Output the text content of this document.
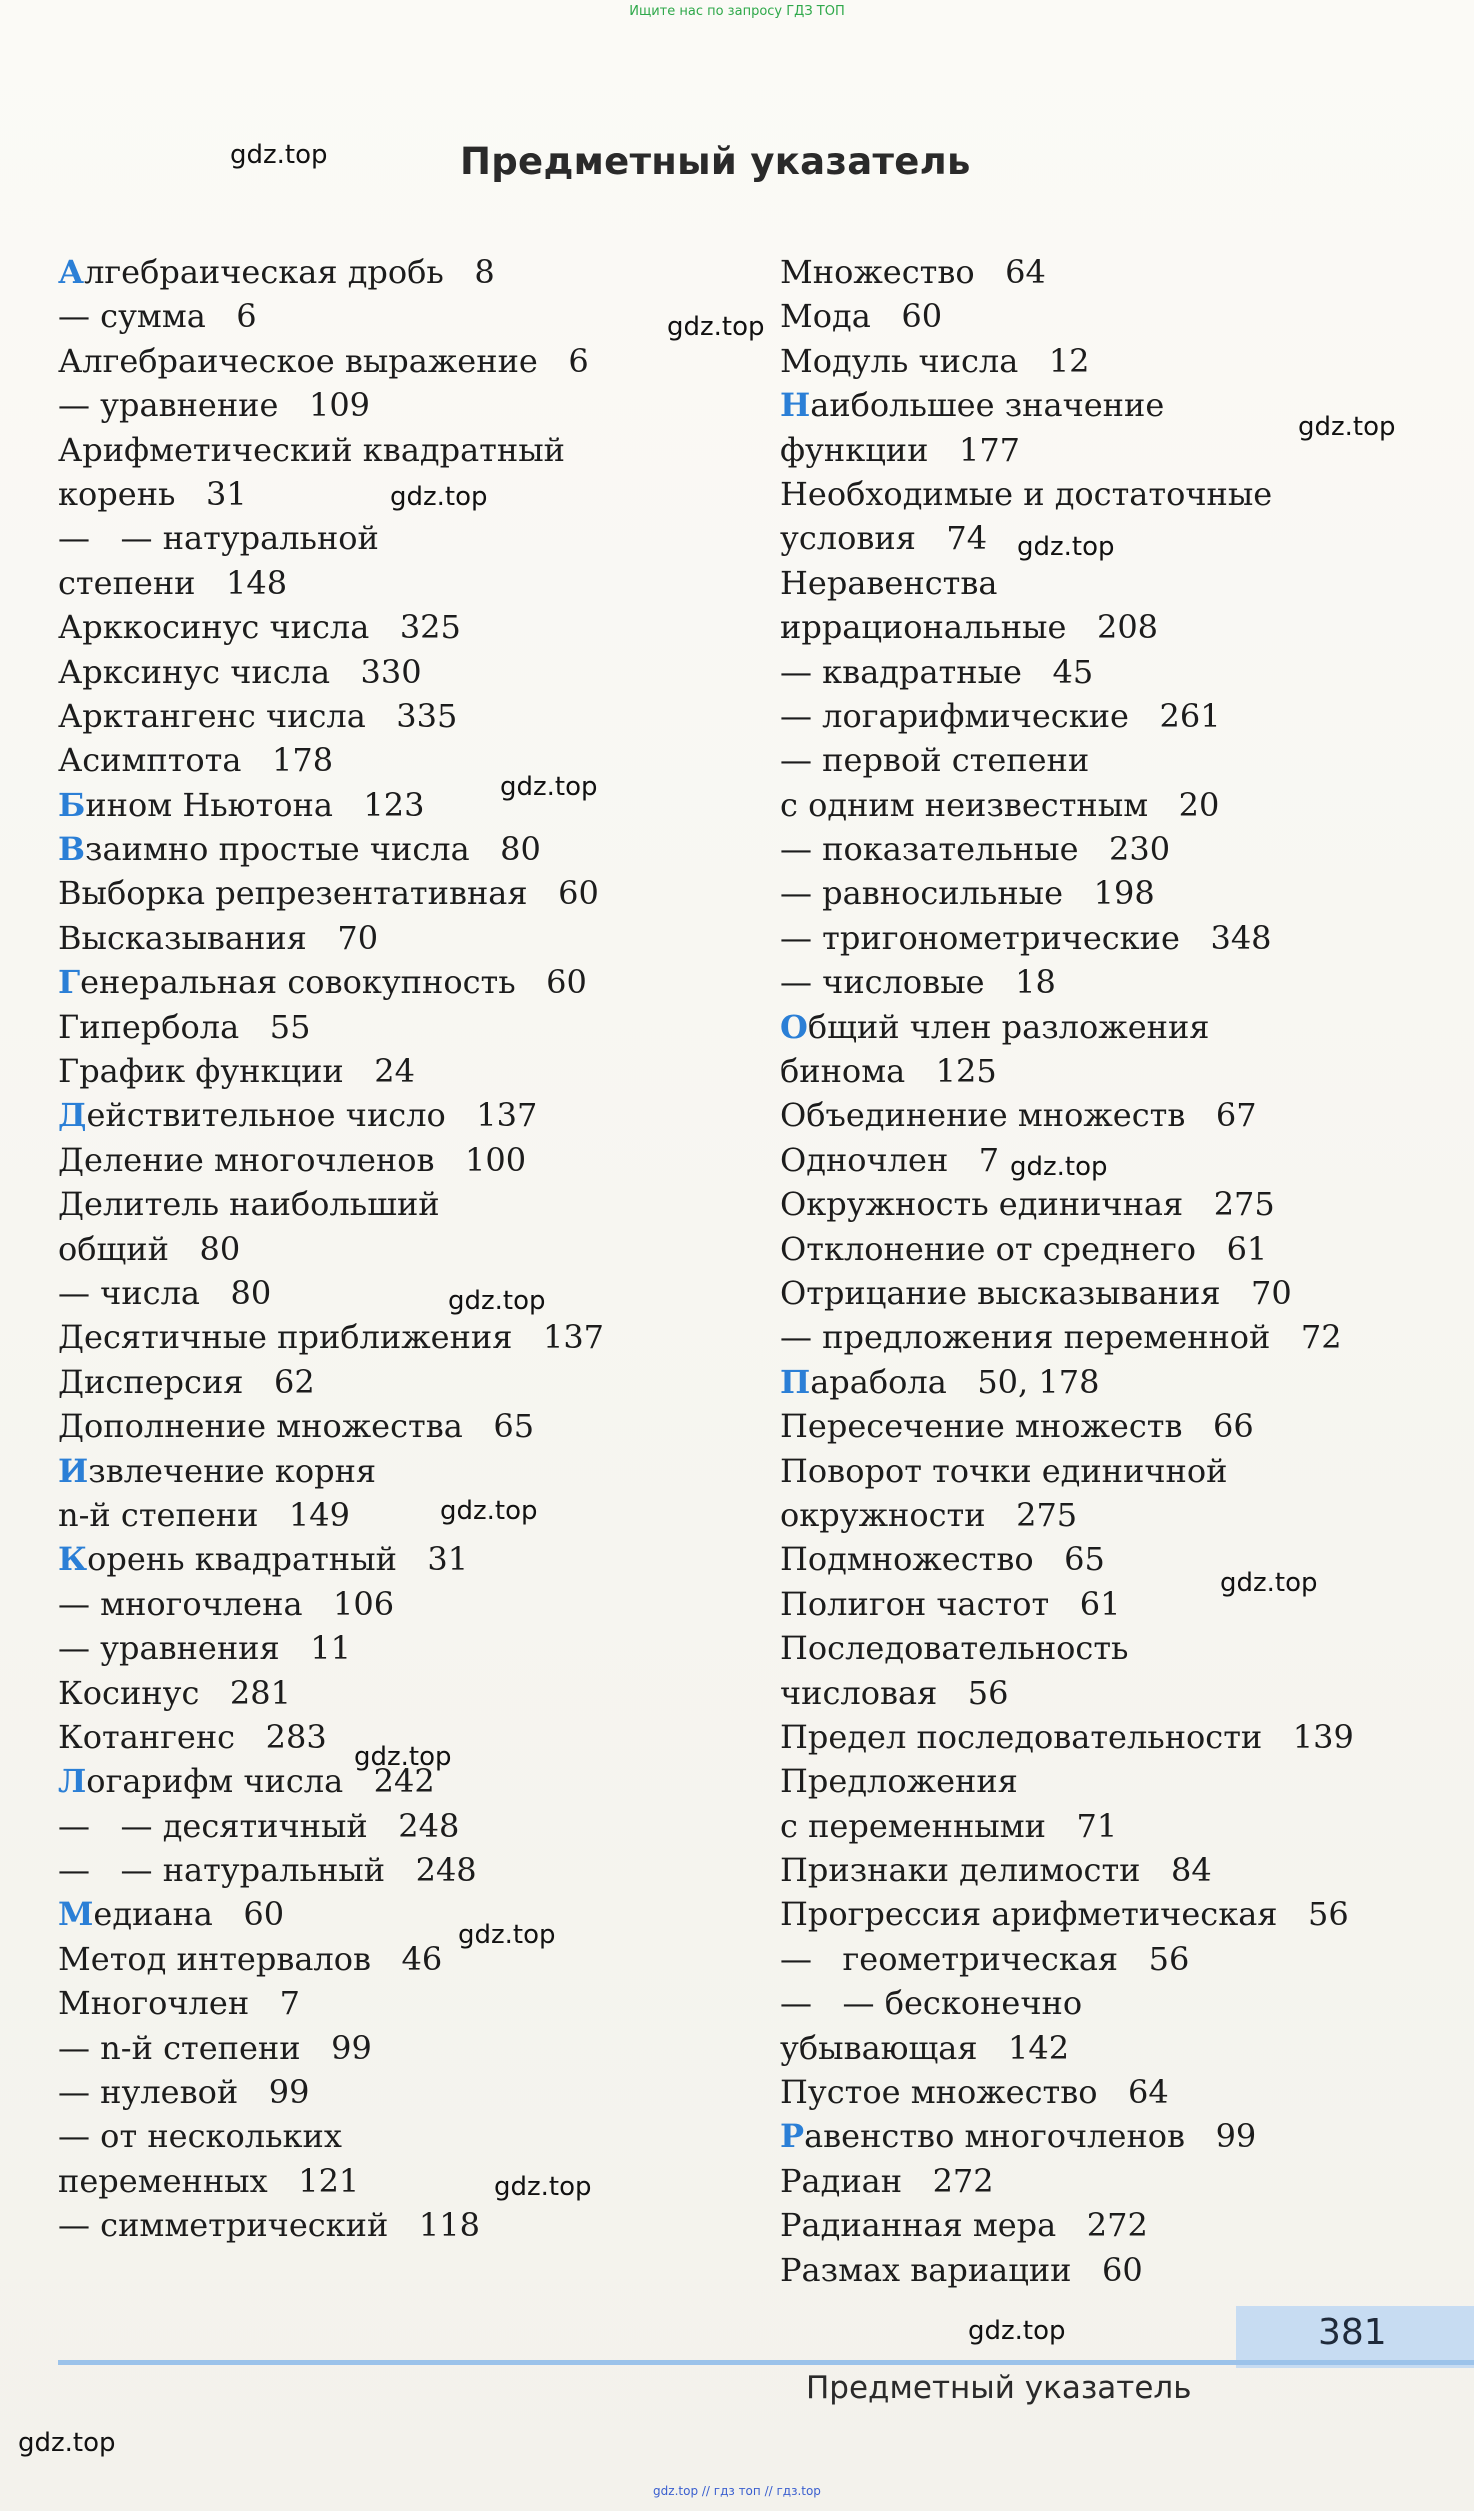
Ищите нас по запросу ГДЗ ТОП
Предметный указатель
Алгебраическая дробь   8
— сумма   6
Алгебраическое выражение   6
— уравнение   109
Арифметический квадратный
корень   31
—   — натуральной
степени   148
Арккосинус числа   325
Арксинус числа   330
Арктангенс числа   335
Асимптота   178
Бином Ньютона   123
Взаимно простые числа   80
Выборка репрезентативная   60
Высказывания   70
Генеральная совокупность   60
Гипербола   55
График функции   24
Действительное число   137
Деление многочленов   100
Делитель наибольший
общий   80
— числа   80
Десятичные приближения   137
Дисперсия   62
Дополнение множества   65
Извлечение корня
n-й степени   149
Корень квадратный   31
— многочлена   106
— уравнения   11
Косинус   281
Котангенс   283
Логарифм числа   242
—   — десятичный   248
—   — натуральный   248
Медиана   60
Метод интервалов   46
Многочлен   7
— n-й степени   99
— нулевой   99
— от нескольких
переменных   121
— симметрический   118
Множество   64
Мода   60
Модуль числа   12
Наибольшее значение
функции   177
Необходимые и достаточные
условия   74
Неравенства
иррациональные   208
— квадратные   45
— логарифмические   261
— первой степени
с одним неизвестным   20
— показательные   230
— равносильные   198
— тригонометрические   348
— числовые   18
Общий член разложения
бинома   125
Объединение множеств   67
Одночлен   7
Окружность единичная   275
Отклонение от среднего   61
Отрицание высказывания   70
— предложения переменной   72
Парабола   50, 178
Пересечение множеств   66
Поворот точки единичной
окружности   275
Подмножество   65
Полигон частот   61
Последовательность
числовая   56
Предел последовательности   139
Предложения
с переменными   71
Признаки делимости   84
Прогрессия арифметическая   56
—   геометрическая   56
—   — бесконечно
убывающая   142
Пустое множество   64
Равенство многочленов   99
Радиан   272
Радианная мера   272
Размах вариации   60
gdz.top
gdz.top
gdz.top
gdz.top
gdz.top
gdz.top
gdz.top
gdz.top
gdz.top
gdz.top
gdz.top
gdz.top
gdz.top
gdz.top
gdz.top
381
Предметный указатель
gdz.top // гдз топ // гдз.top
